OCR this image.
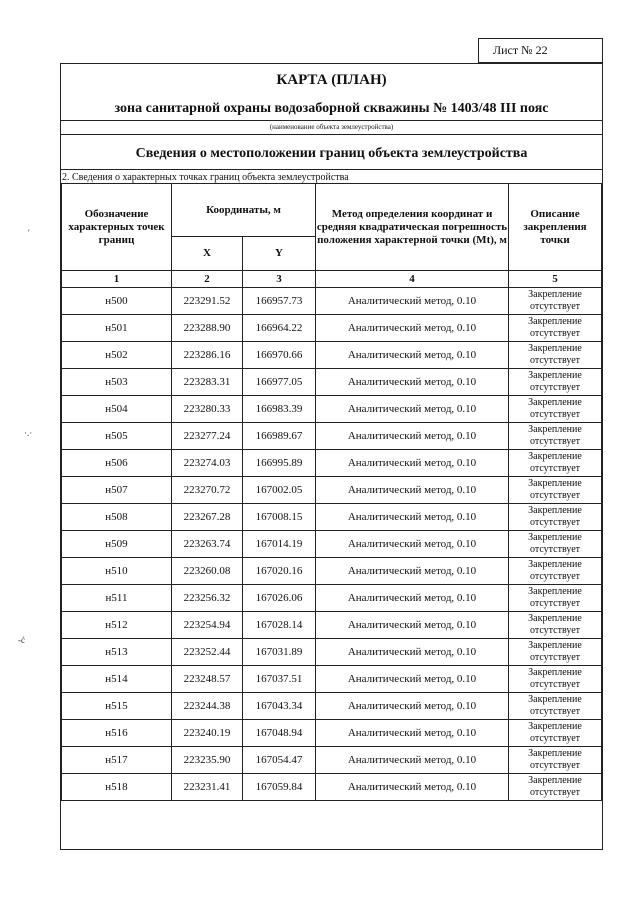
Лист № 22
'
·.·
-ć
КАРТА (ПЛАН)
зона санитарной охраны водозаборной скважины № 1403/48 III пояс
(наименование объекта землеустройства)
Сведения о местоположении границ объекта землеустройства
2. Сведения о характерных точках границ объекта землеустройства
Обозначение характерных точек границ	Координаты, м		Метод определения координат и средняя квадратическая погрешность положения характерной точки (Mt), м	Описание закрепления точки
	X	Y		
1	2	3	4	5
н500	223291.52	166957.73	Аналитический метод, 0.10	Закрепление отсутствует
н501	223288.90	166964.22	Аналитический метод, 0.10	Закрепление отсутствует
н502	223286.16	166970.66	Аналитический метод, 0.10	Закрепление отсутствует
н503	223283.31	166977.05	Аналитический метод, 0.10	Закрепление отсутствует
н504	223280.33	166983.39	Аналитический метод, 0.10	Закрепление отсутствует
н505	223277.24	166989.67	Аналитический метод, 0.10	Закрепление отсутствует
н506	223274.03	166995.89	Аналитический метод, 0.10	Закрепление отсутствует
н507	223270.72	167002.05	Аналитический метод, 0.10	Закрепление отсутствует
н508	223267.28	167008.15	Аналитический метод, 0.10	Закрепление отсутствует
н509	223263.74	167014.19	Аналитический метод, 0.10	Закрепление отсутствует
н510	223260.08	167020.16	Аналитический метод, 0.10	Закрепление отсутствует
н511	223256.32	167026.06	Аналитический метод, 0.10	Закрепление отсутствует
н512	223254.94	167028.14	Аналитический метод, 0.10	Закрепление отсутствует
н513	223252.44	167031.89	Аналитический метод, 0.10	Закрепление отсутствует
н514	223248.57	167037.51	Аналитический метод, 0.10	Закрепление отсутствует
н515	223244.38	167043.34	Аналитический метод, 0.10	Закрепление отсутствует
н516	223240.19	167048.94	Аналитический метод, 0.10	Закрепление отсутствует
н517	223235.90	167054.47	Аналитический метод, 0.10	Закрепление отсутствует
н518	223231.41	167059.84	Аналитический метод, 0.10	Закрепление отсутствует
